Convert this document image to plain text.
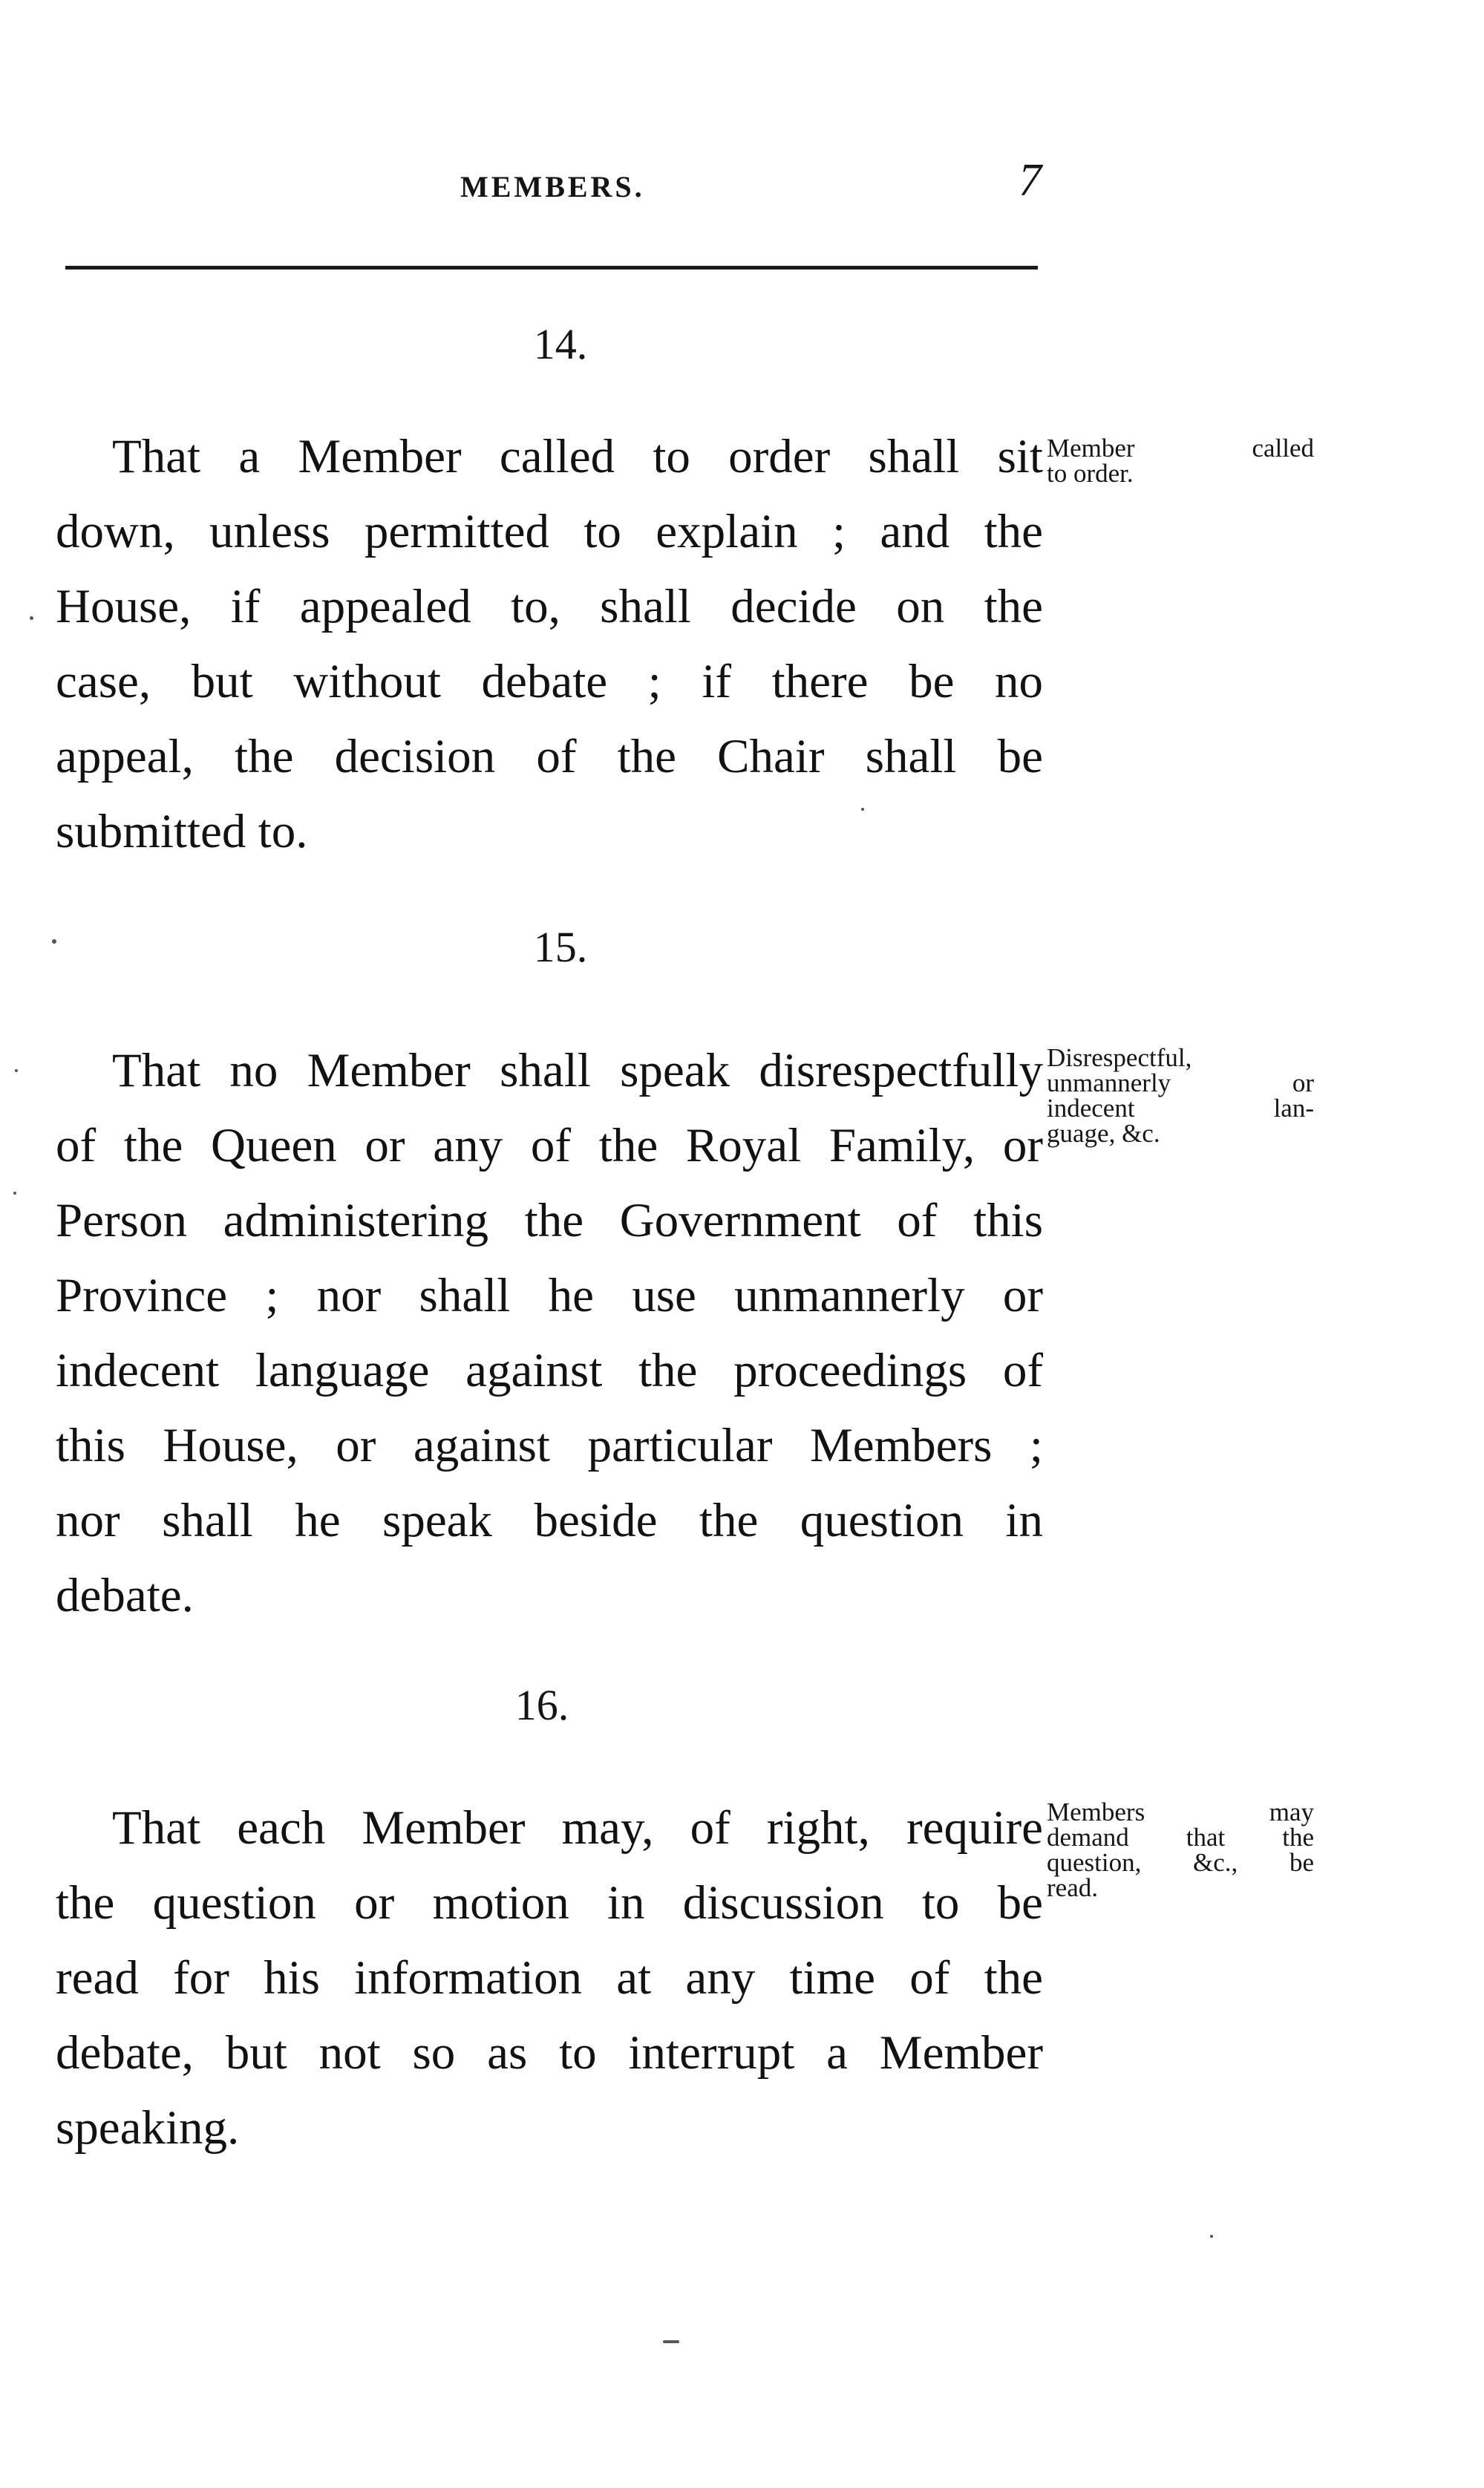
MEMBERS.	7
14.
That a Member called to order shall sit
down, unless permitted to explain ; and the
House, if appealed to, shall decide on the
case, but without debate ; if there be no
appeal, the decision of the Chair shall be
submitted to.
Member called
to order.
15.
That no Member shall speak disrespectfully
of the Queen or any of the Royal Family, or
Person administering the Government of this
Province ; nor shall he use unmannerly or
indecent language against the proceedings of
this House, or against particular Members ;
nor shall he speak beside the question in
debate.
Disrespectful,
unmannerly or
indecent lan-
guage, &c.
16.
That each Member may, of right, require
the question or motion in discussion to be
read for his information at any time of the
debate, but not so as to interrupt a Member
speaking.
Members may
demand that the
question, &c., be
read.
